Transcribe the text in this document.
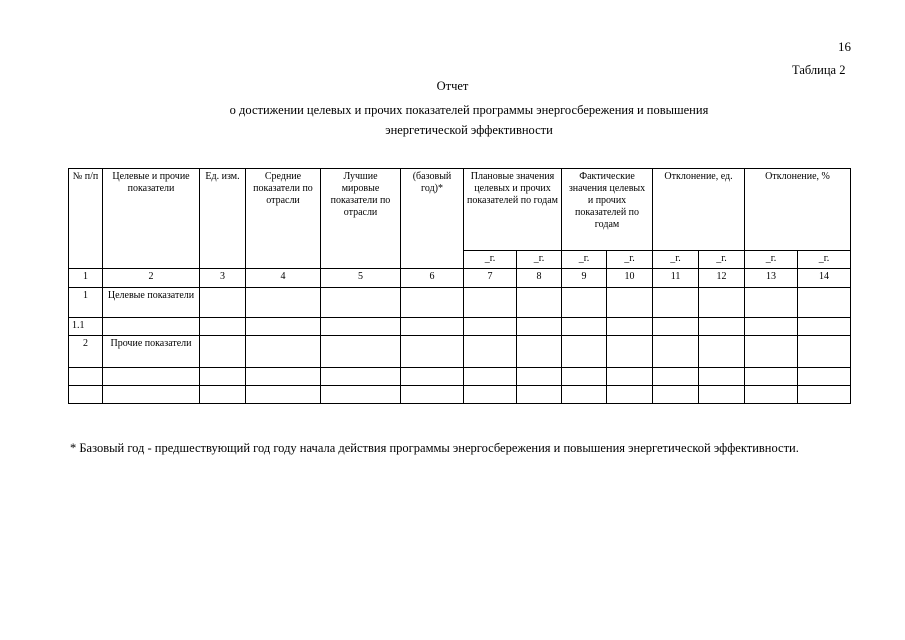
16
Таблица 2
Отчет
о достижении целевых и прочих показателей программы энергосбережения и повышения энергетической эффективности
№ п/п	Целевые и прочие показатели	Ед. изм.	Средние показатели по отрасли	Лучшие мировые показатели по отрасли	(базовый год)*	Плановые значения целевых и прочих показателей по годам		Фактические значения целевых и прочих показателей по годам		Отклонение, ед.		Отклонение, %	
						_г.	_г.	_г.	_г.	_г.	_г.	_г.	_г.
1	2	3	4	5	6	7	8	9	10	11	12	13	14
1	Целевые показатели												
1.1													
2	Прочие показатели												

* Базовый год - предшествующий год году начала действия программы энергосбережения и повышения энергетической эффективности.
